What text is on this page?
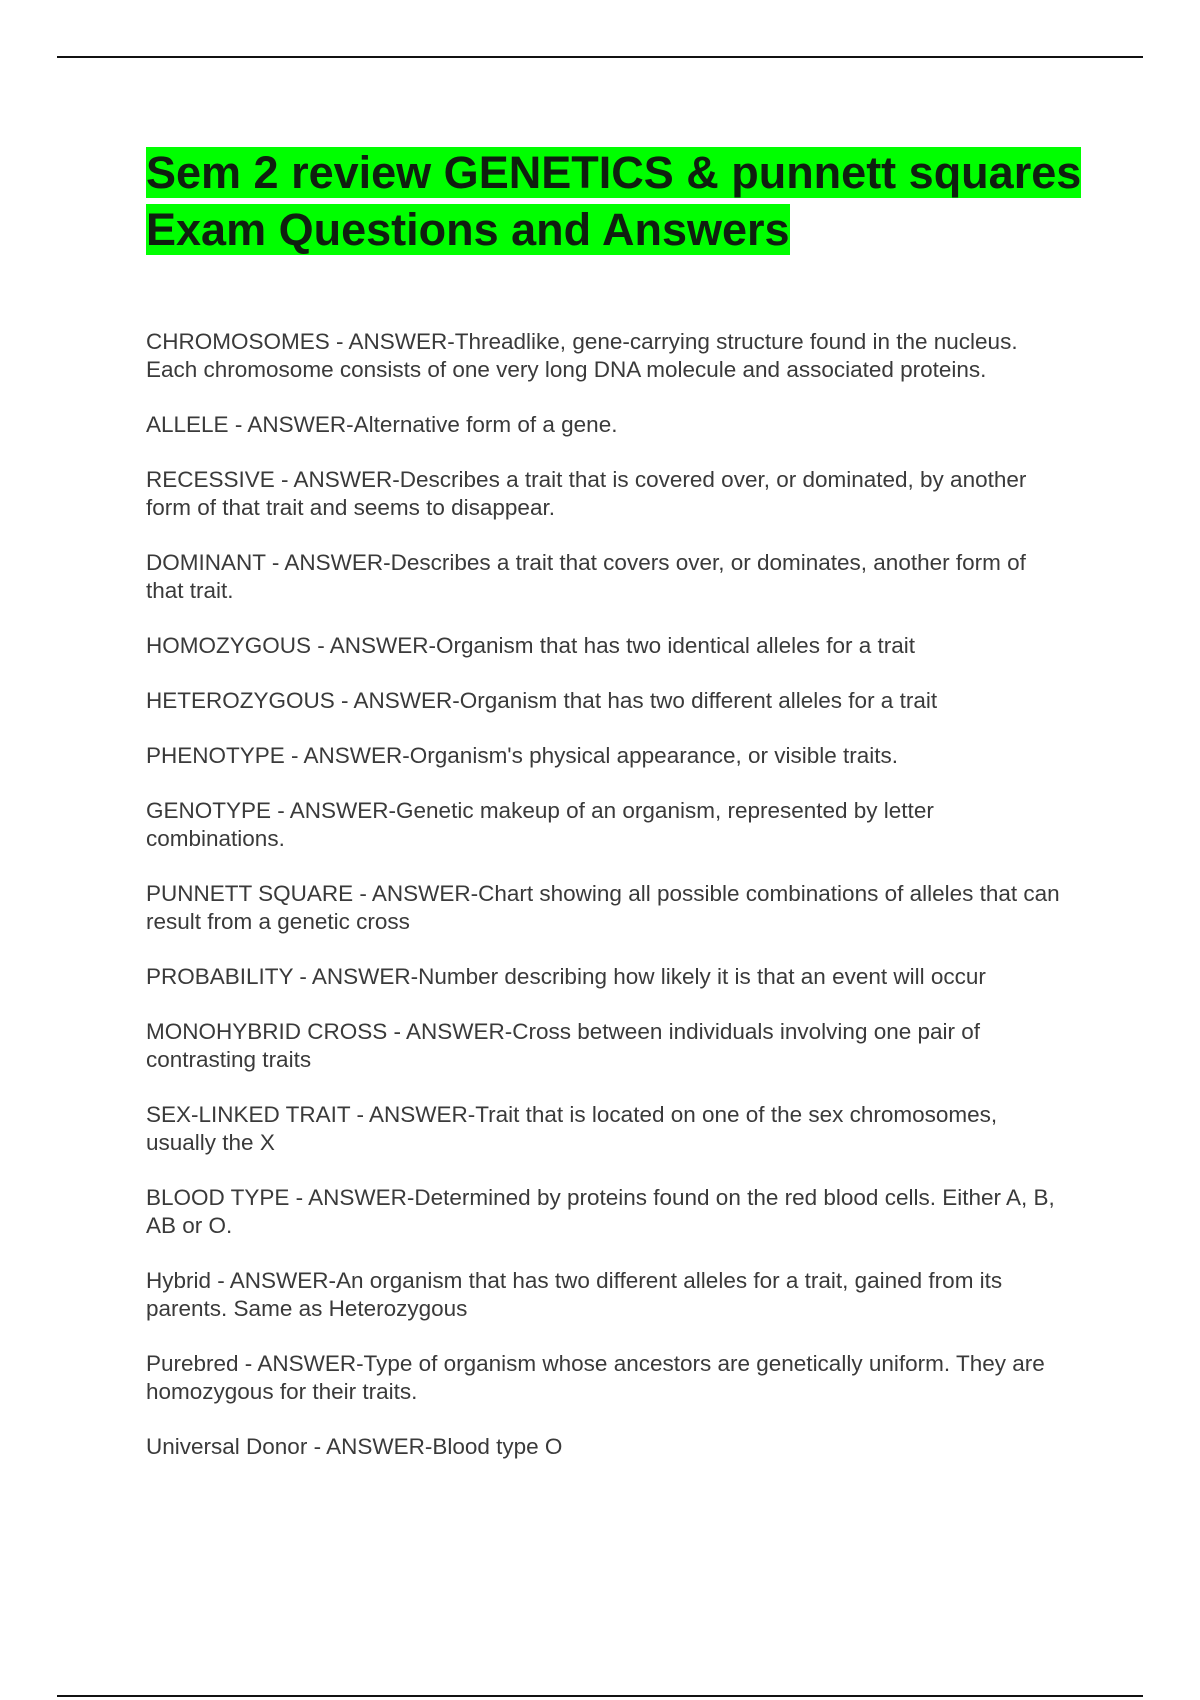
Sem 2 review GENETICS & punnett squares Exam Questions and Answers
CHROMOSOMES - ANSWER-Threadlike, gene-carrying structure found in the nucleus. Each chromosome consists of one very long DNA molecule and associated proteins.
ALLELE - ANSWER-Alternative form of a gene.
RECESSIVE - ANSWER-Describes a trait that is covered over, or dominated, by another form of that trait and seems to disappear.
DOMINANT - ANSWER-Describes a trait that covers over, or dominates, another form of that trait.
HOMOZYGOUS - ANSWER-Organism that has two identical alleles for a trait
HETEROZYGOUS - ANSWER-Organism that has two different alleles for a trait
PHENOTYPE - ANSWER-Organism's physical appearance, or visible traits.
GENOTYPE - ANSWER-Genetic makeup of an organism, represented by letter combinations.
PUNNETT SQUARE - ANSWER-Chart showing all possible combinations of alleles that can result from a genetic cross
PROBABILITY - ANSWER-Number describing how likely it is that an event will occur
MONOHYBRID CROSS - ANSWER-Cross between individuals involving one pair of contrasting traits
SEX-LINKED TRAIT - ANSWER-Trait that is located on one of the sex chromosomes, usually the X
BLOOD TYPE - ANSWER-Determined by proteins found on the red blood cells. Either A, B, AB or O.
Hybrid - ANSWER-An organism that has two different alleles for a trait, gained from its parents. Same as Heterozygous
Purebred - ANSWER-Type of organism whose ancestors are genetically uniform. They are homozygous for their traits.
Universal Donor - ANSWER-Blood type O
